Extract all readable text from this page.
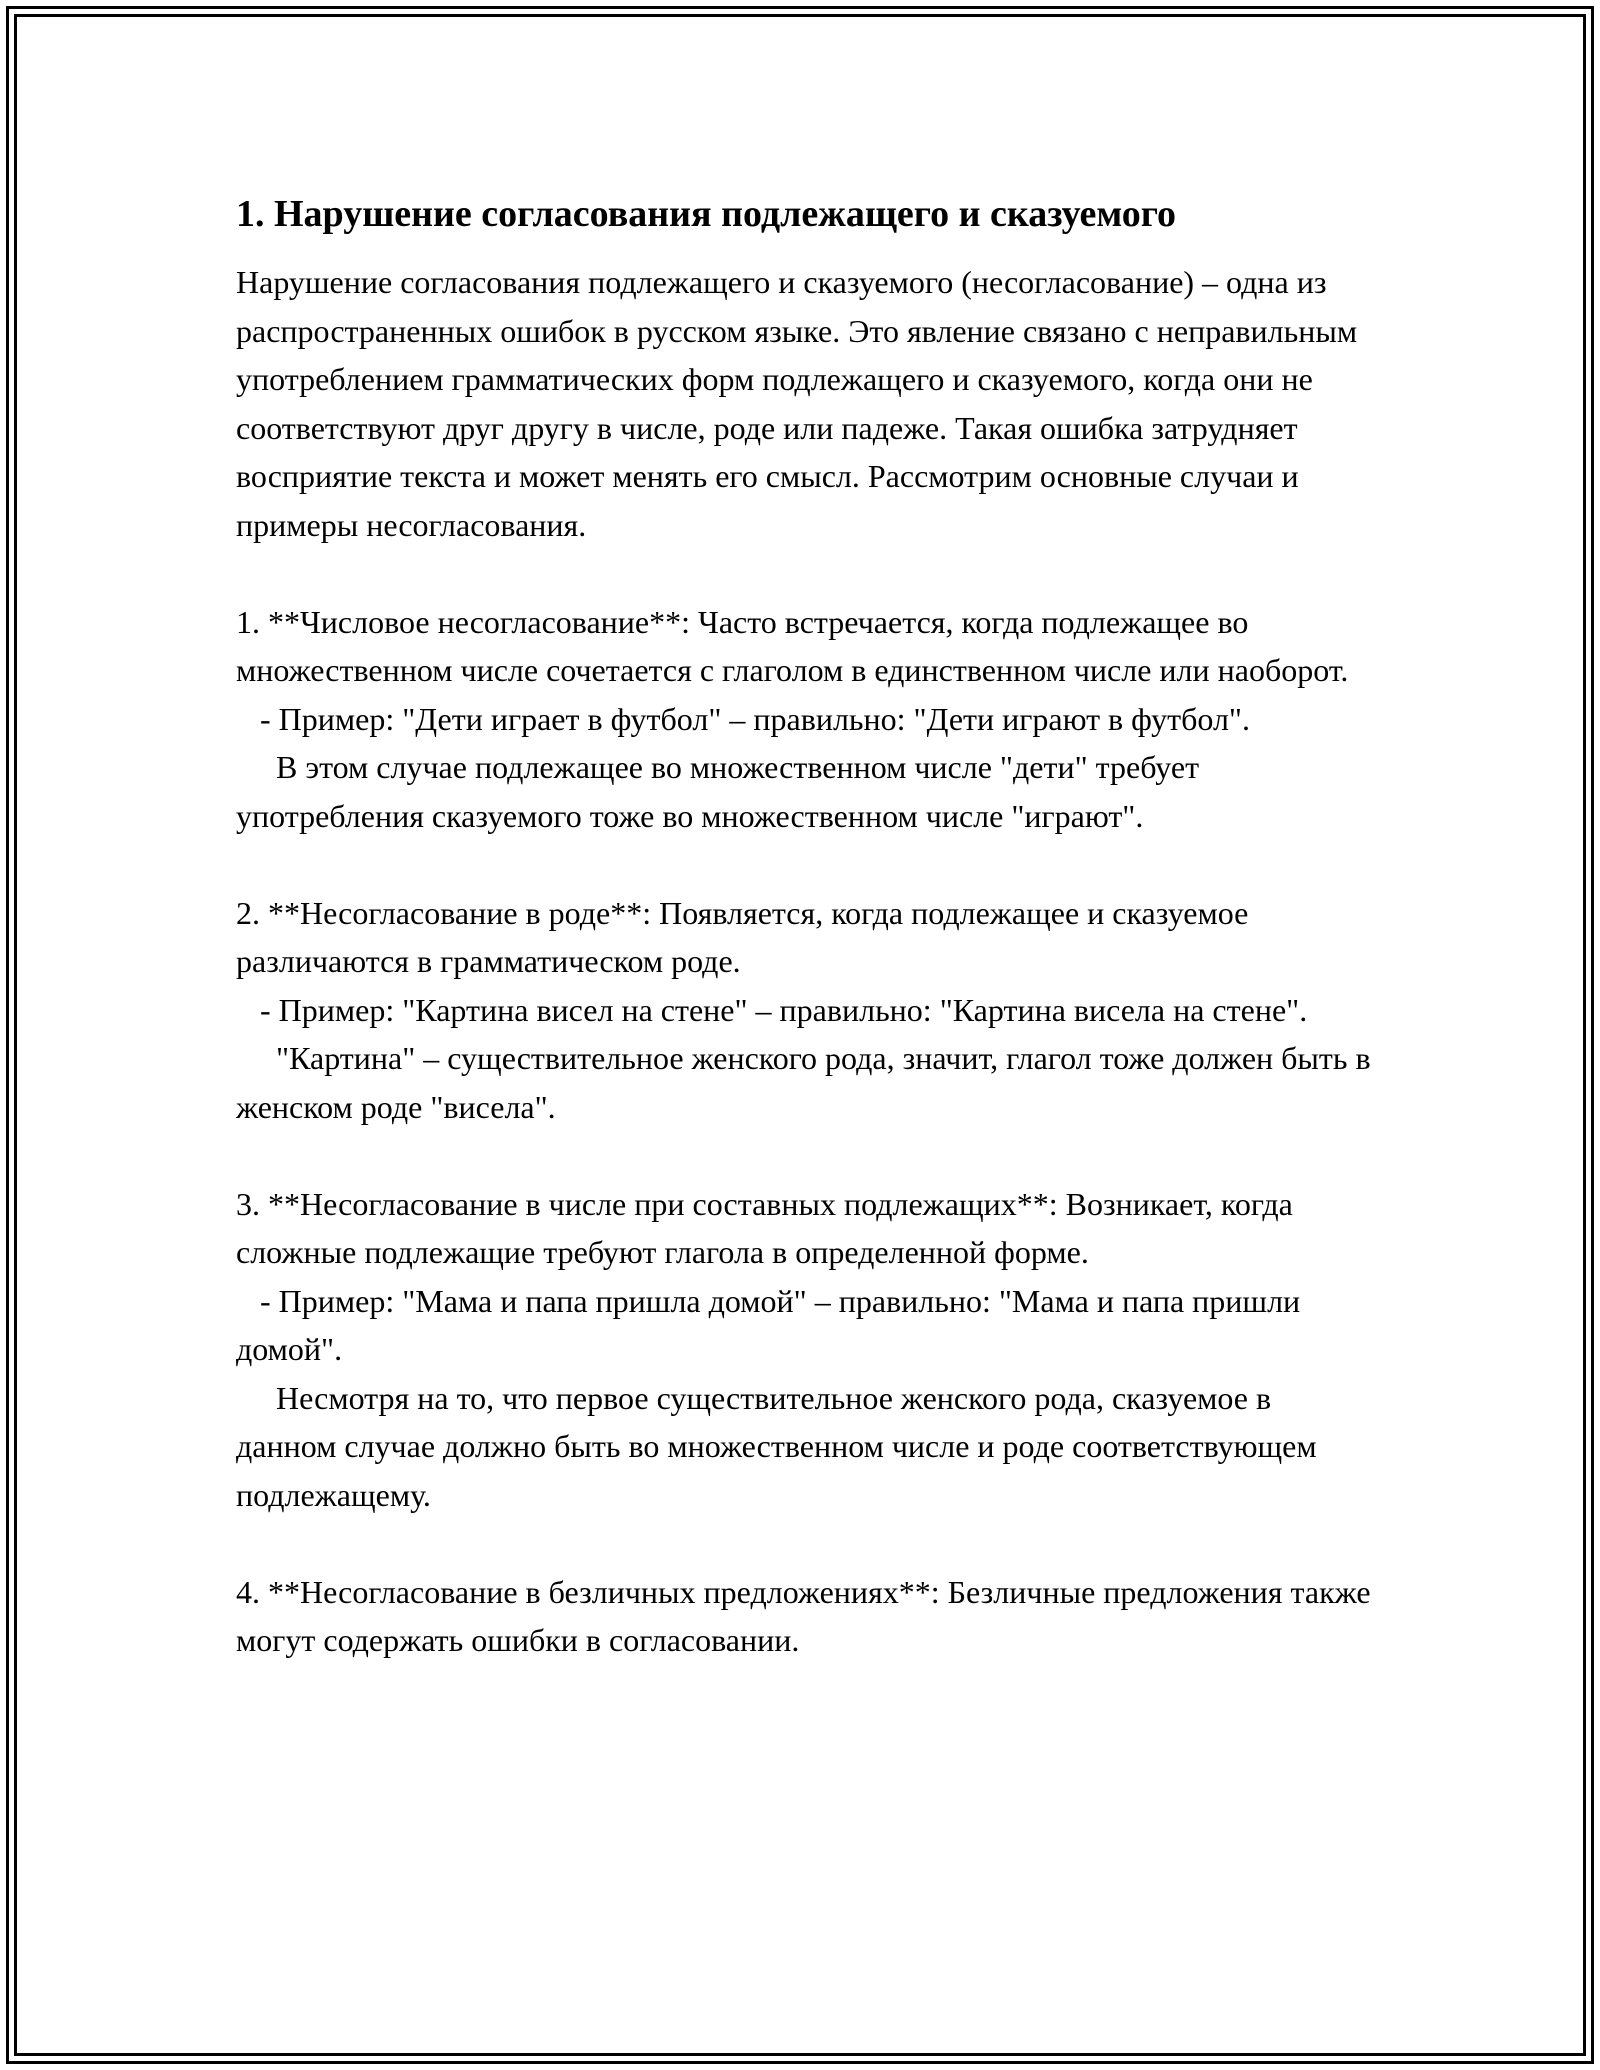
1. Нарушение согласования подлежащего и сказуемого

Нарушение согласования подлежащего и сказуемого (несогласование) – одна из распространенных ошибок в русском языке. Это явление связано с неправильным употреблением грамматических форм подлежащего и сказуемого, когда они не соответствуют друг другу в числе, роде или падеже. Такая ошибка затрудняет восприятие текста и может менять его смысл. Рассмотрим основные случаи и примеры несогласования.

1. **Числовое несогласование**: Часто встречается, когда подлежащее во множественном числе сочетается с глаголом в единственном числе или наоборот.
- Пример: "Дети играет в футбол" – правильно: "Дети играют в футбол".
В этом случае подлежащее во множественном числе "дети" требует употребления сказуемого тоже во множественном числе "играют".

2. **Несогласование в роде**: Появляется, когда подлежащее и сказуемое различаются в грамматическом роде.
- Пример: "Картина висел на стене" – правильно: "Картина висела на стене".
"Картина" – существительное женского рода, значит, глагол тоже должен быть в женском роде "висела".

3. **Несогласование в числе при составных подлежащих**: Возникает, когда сложные подлежащие требуют глагола в определенной форме.
- Пример: "Мама и папа пришла домой" – правильно: "Мама и папа пришли домой".
Несмотря на то, что первое существительное женского рода, сказуемое в данном случае должно быть во множественном числе и роде соответствующем подлежащему.

4. **Несогласование в безличных предложениях**: Безличные предложения также могут содержать ошибки в согласовании.
